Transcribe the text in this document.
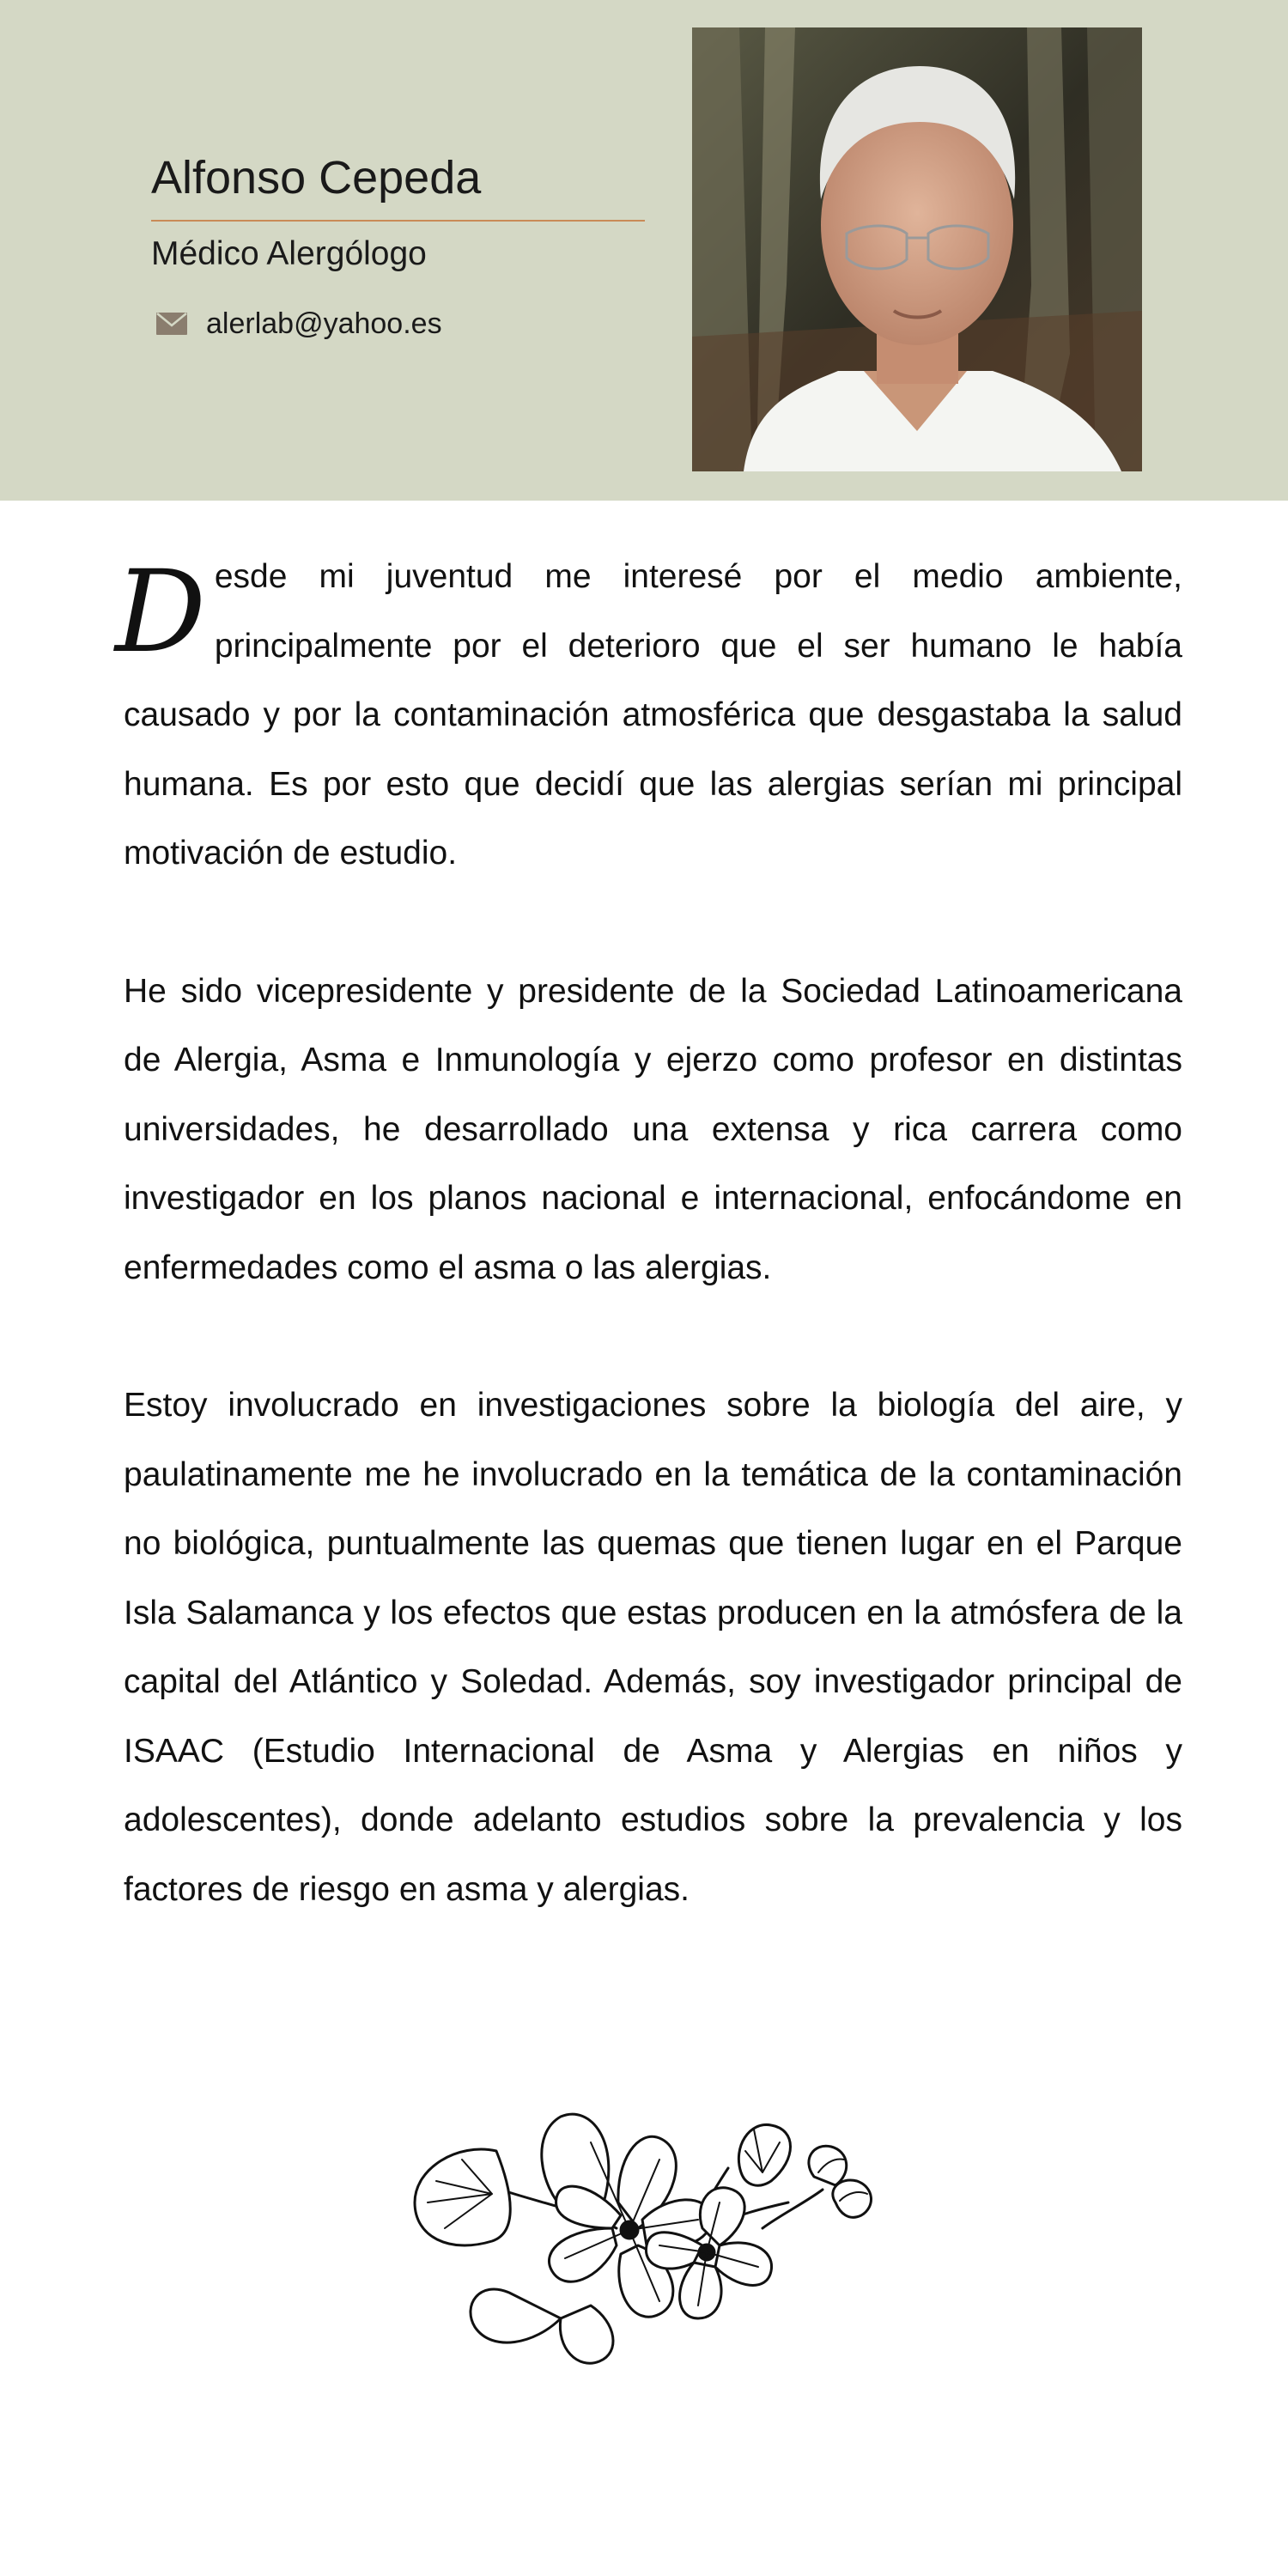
Alfonso Cepeda
Médico Alergólogo
alerlab@yahoo.es

Desde mi juventud me interesé por el medio ambiente, principalmente por el deterioro que el ser humano le había causado y por la contaminación atmosférica que desgastaba la salud humana. Es por esto que decidí que las alergias serían mi principal motivación de estudio.

He sido vicepresidente y presidente de la Sociedad Latinoamericana de Alergia, Asma e Inmunología y ejerzo como profesor en distintas universidades, he desarrollado una extensa y rica carrera como investigador en los planos nacional e internacional, enfocándome en enfermedades como el asma o las alergias.

Estoy involucrado en investigaciones sobre la biología del aire, y paulatinamente me he involucrado en la temática de la contaminación no biológica, puntualmente las quemas que tienen lugar en el Parque Isla Salamanca y los efectos que estas producen en la atmósfera de la capital del Atlántico y Soledad. Además, soy investigador principal de ISAAC (Estudio Internacional de Asma y Alergias en niños y adolescentes), donde adelanto estudios sobre la prevalencia y los factores de riesgo en asma y alergias.
